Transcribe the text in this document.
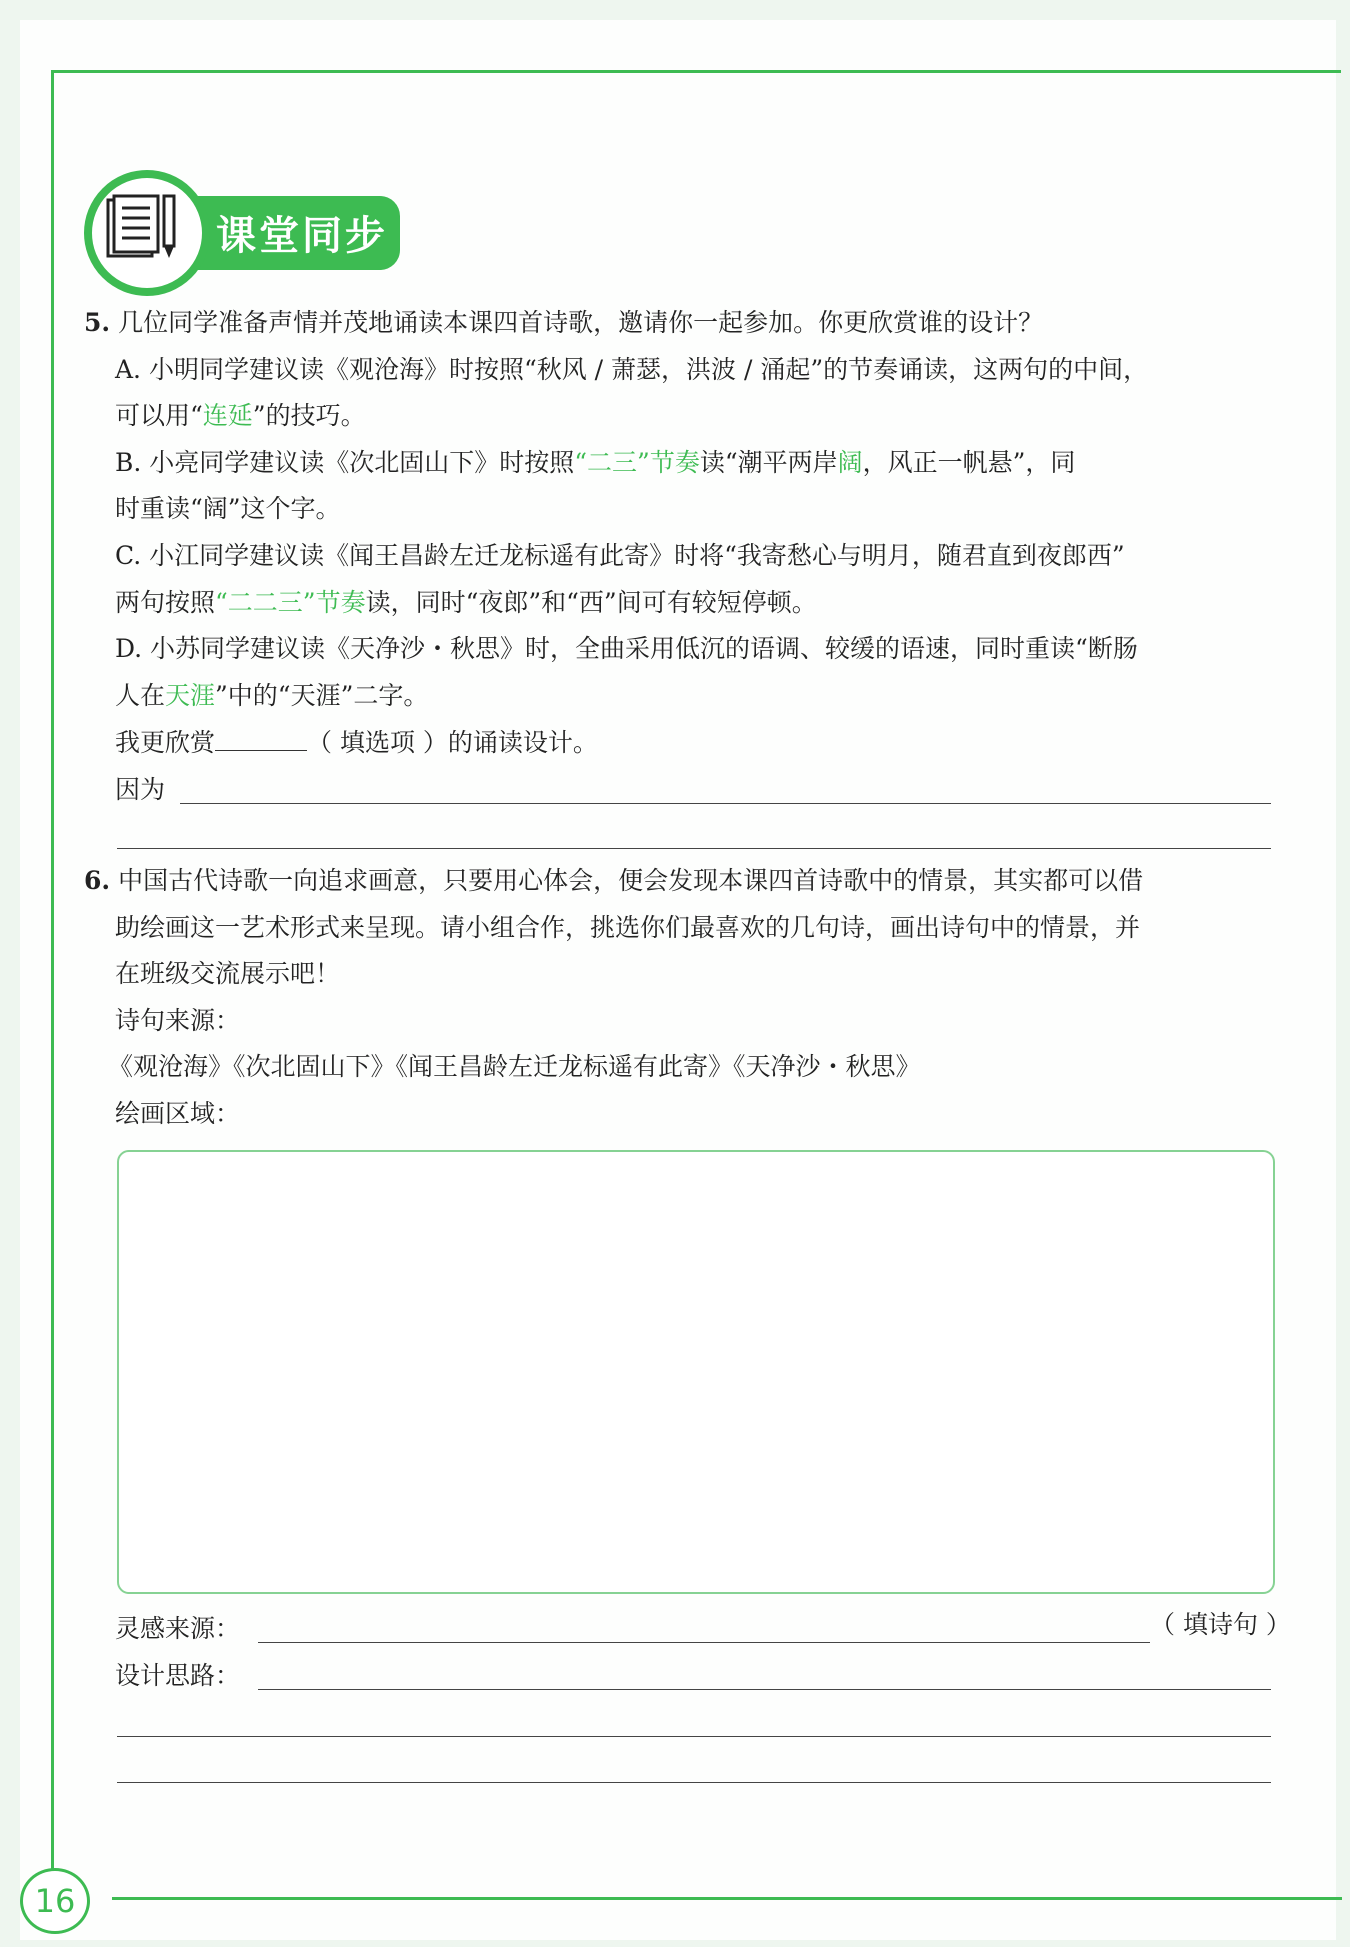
16
课堂同步
5. 几位同学准备声情并茂地诵读本课四首诗歌，邀请你一起参加。你更欣赏谁的设计？
A. 小明同学建议读《观沧海》时按照“秋风 / 萧瑟，洪波 / 涌起”的节奏诵读，这两句的中间，
可以用“连延”的技巧。
B. 小亮同学建议读《次北固山下》时按照“二三”节奏读“潮平两岸阔，风正一帆悬”，同
时重读“阔”这个字。
C. 小江同学建议读《闻王昌龄左迁龙标遥有此寄》时将“我寄愁心与明月，随君直到夜郎西”
两句按照“二二三”节奏读，同时“夜郎”和“西”间可有较短停顿。
D. 小苏同学建议读《天净沙・秋思》时，全曲采用低沉的语调、较缓的语速，同时重读“断肠
人在天涯”中的“天涯”二字。
我更欣赏	（ 填选项 ）的诵读设计。
因为
6. 中国古代诗歌一向追求画意，只要用心体会，便会发现本课四首诗歌中的情景，其实都可以借
助绘画这一艺术形式来呈现。请小组合作，挑选你们最喜欢的几句诗，画出诗句中的情景，并
在班级交流展示吧！
诗句来源：
《观沧海》《次北固山下》《闻王昌龄左迁龙标遥有此寄》《天净沙・秋思》
绘画区域：
灵感来源：	（ 填诗句 ）
设计思路：
